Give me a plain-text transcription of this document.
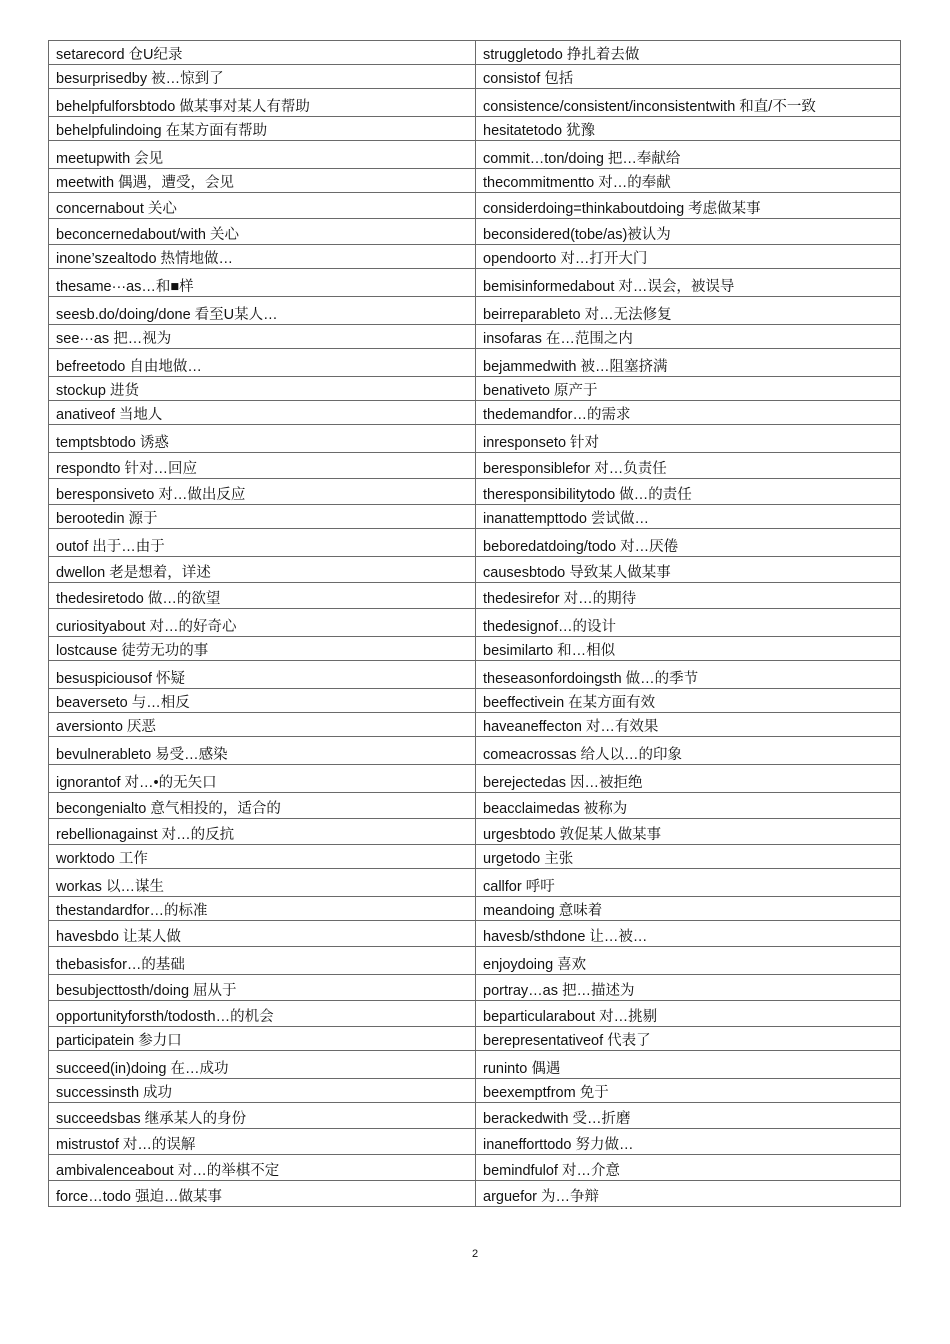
setarecord 仓U纪录	struggletodo 挣扎着去做
besurprisedby 被…惊到了	consistof 包括
behelpfulforsbtodo 做某事对某人有帮助	consistence/consistent/inconsistentwith 和直/不一致
behelpfulindoing 在某方面有帮助	hesitatetodo 犹豫
meetupwith 会见	commit…ton/doing 把…奉献给
meetwith 偶遇，遭受，会见	thecommitmentto 对…的奉献
concernabout 关心	considerdoing=thinkaboutdoing 考虑做某事
beconcernedabout/with 关心	beconsidered(tobe/as)被认为
inone’szealtodo 热情地做…	opendoorto 对…打开大门
thesame···as…和■样	bemisinformedabout 对…误会，被误导
seesb.do/doing/done 看至U某人…	beirreparableto 对…无法修复
see···as 把…视为	insofaras 在…范围之内
befreetodo 自由地做…	bejammedwith 被…阻塞挤满
stockup 进货	benativeto 原产于
anativeof 当地人	thedemandfor…的需求
temptsbtodo 诱惑	inresponseto 针对
respondto 针对…回应	beresponsiblefor 对…负责任
beresponsiveto 对…做出反应	theresponsibilitytodo 做…的责任
berootedin 源于	inanattempttodo 尝试做…
outof 出于…由于	beboredatdoing/todo 对…厌倦
dwellon 老是想着，详述	causesbtodo 导致某人做某事
thedesiretodo 做…的欲望	thedesirefor 对…的期待
curiosityabout 对…的好奇心	thedesignof…的设计
lostcause 徒劳无功的事	besimilarto 和…相似
besuspiciousof 怀疑	theseasonfordoingsth 做…的季节
beaverseto 与…相反	beeffectivein 在某方面有效
aversionto 厌恶	haveaneffecton 对…有效果
bevulnerableto 易受…感染	comeacrossas 给人以…的印象
ignorantof 对…•的无矢口	berejectedas 因…被拒绝
becongenialto 意气相投的，适合的	beacclaimedas 被称为
rebellionagainst 对…的反抗	urgesbtodo 敦促某人做某事
worktodo 工作	urgetodo 主张
workas 以…谋生	callfor 呼吁
thestandardfor…的标准	meandoing 意味着
havesbdo 让某人做	havesb/sthdone 让…被…
thebasisfor…的基础	enjoydoing 喜欢
besubjecttosth/doing 屈从于	portray…as 把…描述为
opportunityforsth/todosth…的机会	beparticularabout 对…挑剔
participatein 参力口	berepresentativeof 代表了
succeed(in)doing 在…成功	runinto 偶遇
successinsth 成功	beexemptfrom 免于
succeedsbas 继承某人的身份	berackedwith 受…折磨
mistrustof 对…的误解	inanefforttodo 努力做…
ambivalenceabout 对…的举棋不定	bemindfulof 对…介意
force…todo 强迫…做某事	arguefor 为…争辩
2
